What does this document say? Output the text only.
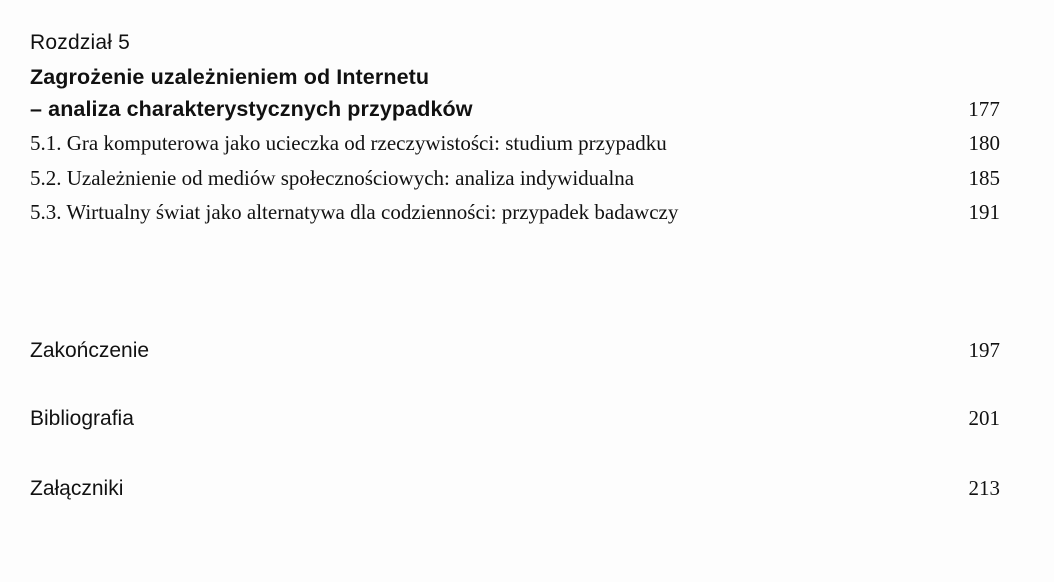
Rozdział 5
Zagrożenie uzależnieniem od Internetu
– analiza charakterystycznych przypadków	177
5.1. Gra komputerowa jako ucieczka od rzeczywistości: studium przypadku	180
5.2. Uzależnienie od mediów społecznościowych: analiza indywidualna	185
5.3. Wirtualny świat jako alternatywa dla codzienności: przypadek badawczy	191
Zakończenie	197
Bibliografia	201
Załączniki	213
